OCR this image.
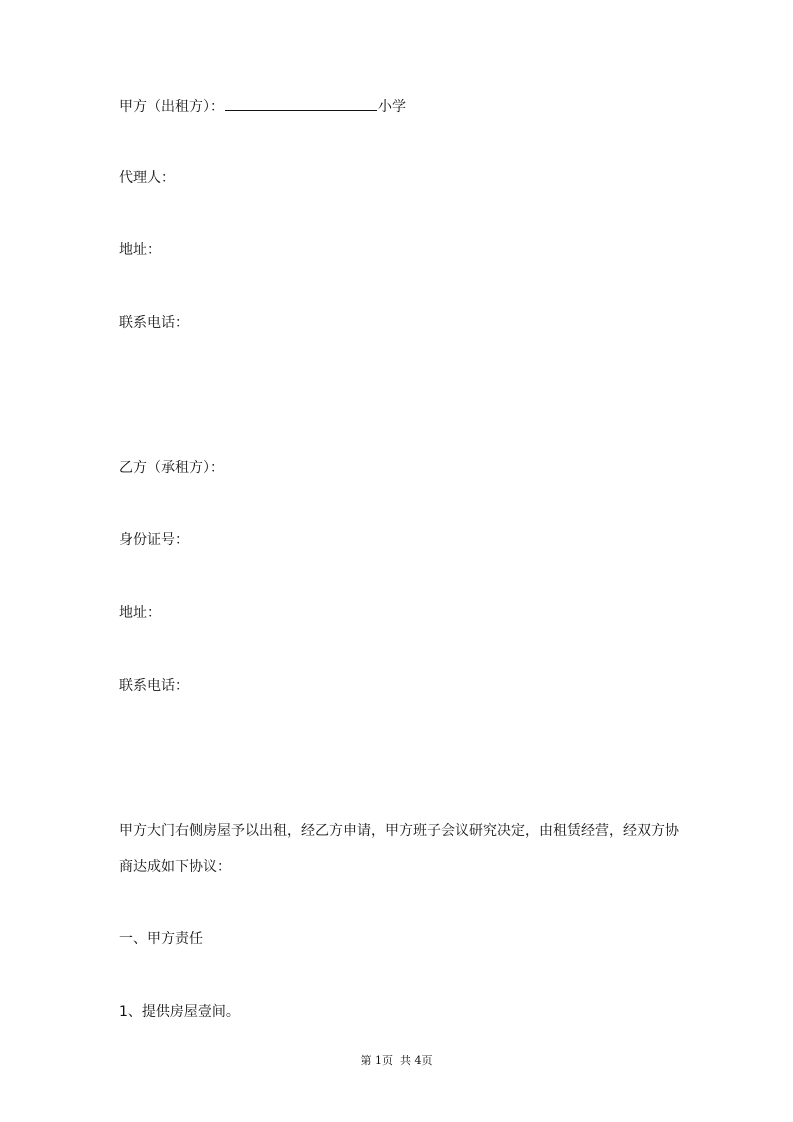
甲方（出租方）：	小学
代理人：
地址：
联系电话：
乙方（承租方）：
身份证号：
地址：
联系电话：
甲方大门右侧房屋予以出租，经乙方申请，甲方班子会议研究决定，由租赁经营，经双方协
商达成如下协议：
一、甲方责任
1、提供房屋壹间。
第 1页  共 4页
